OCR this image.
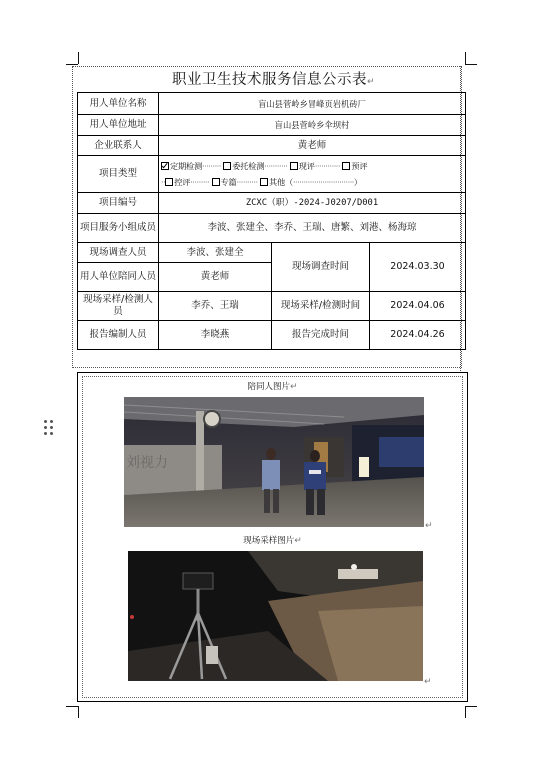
职业卫生技术服务信息公示表↵
用人单位名称	盲山县菅岭乡冒峰页岩机砖厂		
用人单位地址	盲山县菅岭乡伞坝村		
企业联系人	黄老师		
项目类型	定期检测········· 委托检测··········· 现评············ 预评
·· 控评········· 专篇·········· 其他（·····························）		

项目编号	ZCXC（职）-2024-J0207/D001		
项目服务小组成员	李波、张建全、李乔、王瑞、唐繁、刘港、杨海琼		
现场调查人员	李波、张建全	现场调查时间	2024.03.30
用人单位陪同人员	黄老师		
现场采样/检测人员	李乔、王瑞	现场采样/检测时间	2024.04.06
报告编制人员	李晓燕	报告完成时间	2024.04.26
陪同人图片↵
刘视力
↵
现场采样图片↵
↵
